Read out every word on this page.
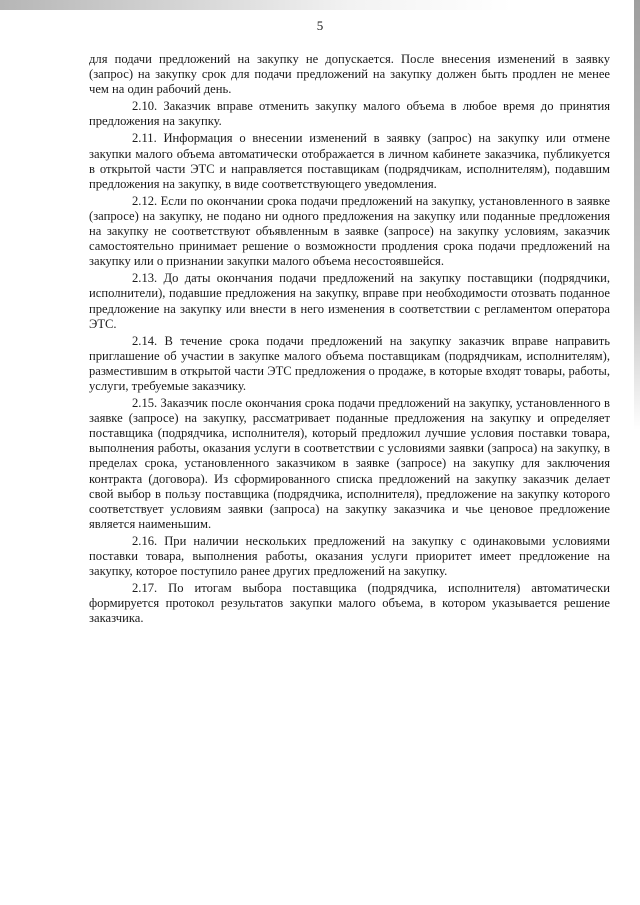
5

для подачи предложений на закупку не допускается. После внесения изменений в заявку (запрос) на закупку срок для подачи предложений на закупку должен быть продлен не менее чем на один рабочий день.

2.10. Заказчик вправе отменить закупку малого объема в любое время до принятия предложения на закупку.

2.11. Информация о внесении изменений в заявку (запрос) на закупку или отмене закупки малого объема автоматически отображается в личном кабинете заказчика, публикуется в открытой части ЭТС и направляется поставщикам (подрядчикам, исполнителям), подавшим предложения на закупку, в виде соответствующего уведомления.

2.12. Если по окончании срока подачи предложений на закупку, установленного в заявке (запросе) на закупку, не подано ни одного предложения на закупку или поданные предложения на закупку не соответствуют объявленным в заявке (запросе) на закупку условиям, заказчик самостоятельно принимает решение о возможности продления срока подачи предложений на закупку или о признании закупки малого объема несостоявшейся.

2.13. До даты окончания подачи предложений на закупку поставщики (подрядчики, исполнители), подавшие предложения на закупку, вправе при необходимости отозвать поданное предложение на закупку или внести в него изменения в соответствии с регламентом оператора ЭТС.

2.14. В течение срока подачи предложений на закупку заказчик вправе направить приглашение об участии в закупке малого объема поставщикам (подрядчикам, исполнителям), разместившим в открытой части ЭТС предложения о продаже, в которые входят товары, работы, услуги, требуемые заказчику.

2.15. Заказчик после окончания срока подачи предложений на закупку, установленного в заявке (запросе) на закупку, рассматривает поданные предложения на закупку и определяет поставщика (подрядчика, исполнителя), который предложил лучшие условия поставки товара, выполнения работы, оказания услуги в соответствии с условиями заявки (запроса) на закупку, в пределах срока, установленного заказчиком в заявке (запросе) на закупку для заключения контракта (договора). Из сформированного списка предложений на закупку заказчик делает свой выбор в пользу поставщика (подрядчика, исполнителя), предложение на закупку которого соответствует условиям заявки (запроса) на закупку заказчика и чье ценовое предложение является наименьшим.

2.16. При наличии нескольких предложений на закупку с одинаковыми условиями поставки товара, выполнения работы, оказания услуги приоритет имеет предложение на закупку, которое поступило ранее других предложений на закупку.

2.17. По итогам выбора поставщика (подрядчика, исполнителя) автоматически формируется протокол результатов закупки малого объема, в котором указывается решение заказчика.
